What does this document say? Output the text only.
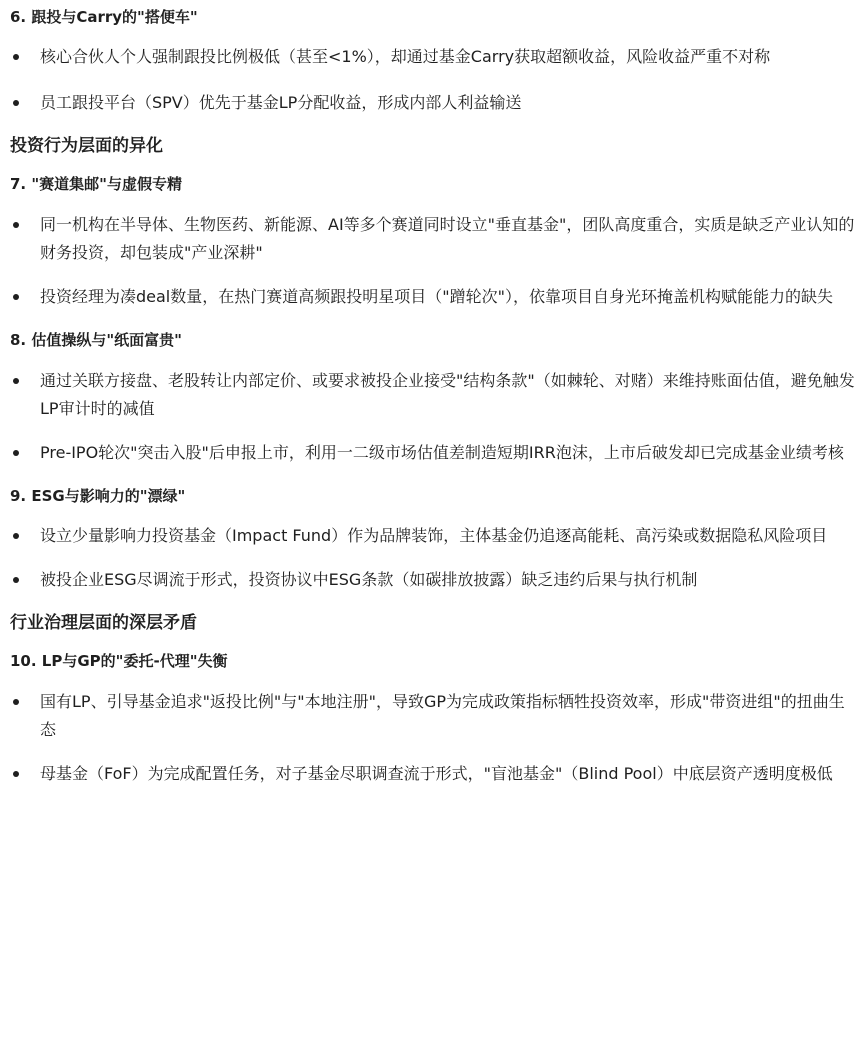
6. 跟投与Carry的"搭便车"
核心合伙人个人强制跟投比例极低（甚至<1%），却通过基金Carry获取超额收益，风险收益严重不对称
员工跟投平台（SPV）优先于基金LP分配收益，形成内部人利益输送
投资行为层面的异化
7. "赛道集邮"与虚假专精
同一机构在半导体、生物医药、新能源、AI等多个赛道同时设立"垂直基金"，团队高度重合，实质是缺乏产业认知的财务投资，却包装成"产业深耕"
投资经理为凑deal数量，在热门赛道高频跟投明星项目（"蹭轮次"），依靠项目自身光环掩盖机构赋能能力的缺失
8. 估值操纵与"纸面富贵"
通过关联方接盘、老股转让内部定价、或要求被投企业接受"结构条款"（如棘轮、对赌）来维持账面估值，避免触发LP审计时的减值
Pre-IPO轮次"突击入股"后申报上市，利用一二级市场估值差制造短期IRR泡沫，上市后破发却已完成基金业绩考核
9. ESG与影响力的"漂绿"
设立少量影响力投资基金（Impact Fund）作为品牌装饰，主体基金仍追逐高能耗、高污染或数据隐私风险项目
被投企业ESG尽调流于形式，投资协议中ESG条款（如碳排放披露）缺乏违约后果与执行机制
行业治理层面的深层矛盾
10. LP与GP的"委托-代理"失衡
国有LP、引导基金追求"返投比例"与"本地注册"，导致GP为完成政策指标牺牲投资效率，形成"带资进组"的扭曲生态
母基金（FoF）为完成配置任务，对子基金尽职调查流于形式，"盲池基金"（Blind Pool）中底层资产透明度极低
